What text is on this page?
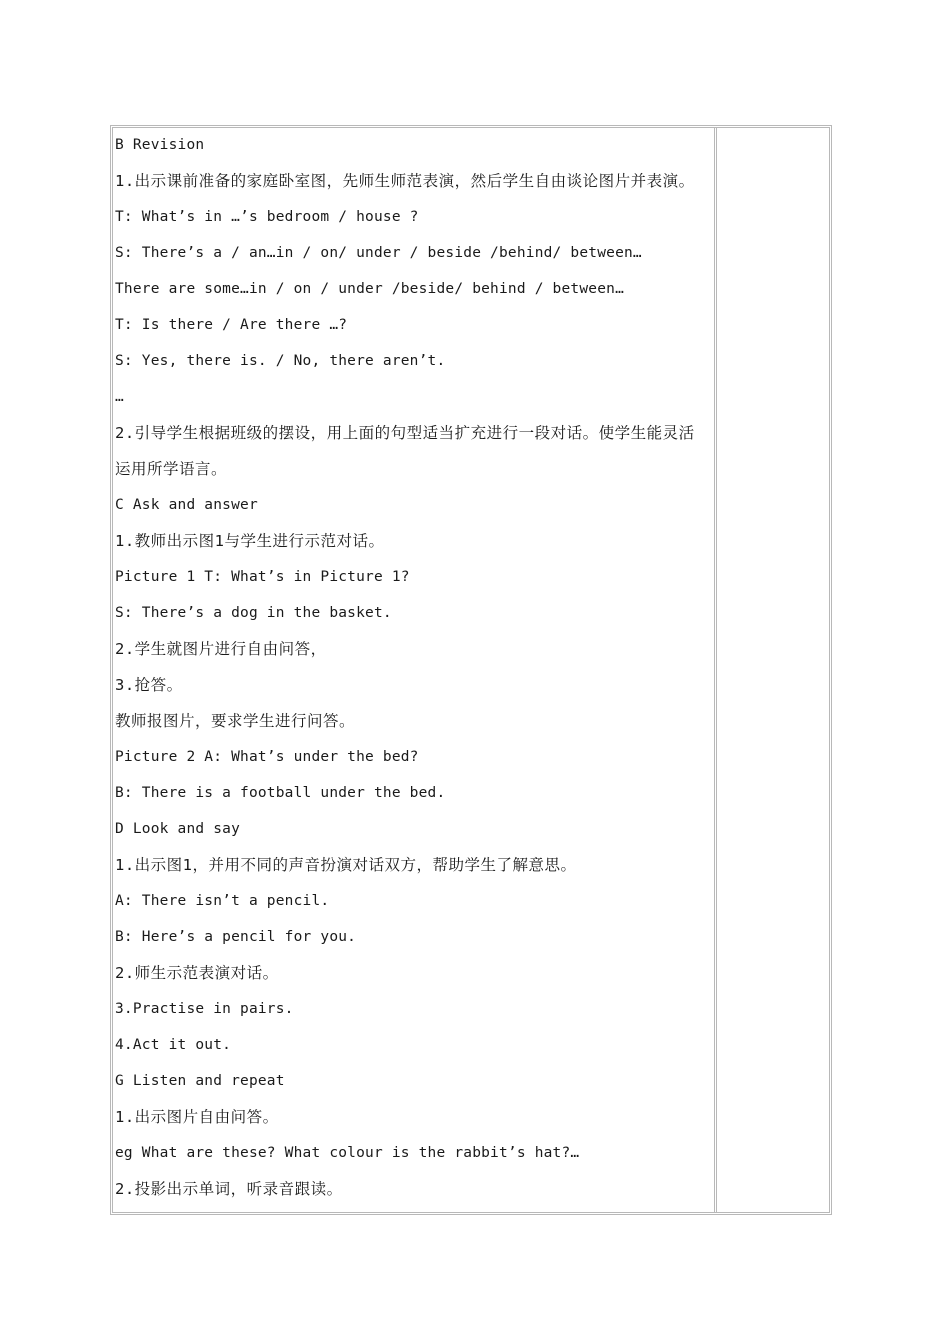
B Revision
1.出示课前准备的家庭卧室图，先师生师范表演，然后学生自由谈论图片并表演。
T: What’s in …’s bedroom / house ?
S: There’s a / an…in / on/ under / beside /behind/ between…
There are some…in / on / under /beside/ behind / between…
T: Is there / Are there …?
S: Yes, there is. / No, there aren’t.
…
2.引导学生根据班级的摆设，用上面的句型适当扩充进行一段对话。使学生能灵活
运用所学语言。
C Ask and answer
1.教师出示图1与学生进行示范对话。
Picture 1 T: What’s in Picture 1?
S: There’s a dog in the basket.
2.学生就图片进行自由问答，
3.抢答。
教师报图片，要求学生进行问答。
Picture 2 A: What’s under the bed?
B: There is a football under the bed.
D Look and say
1.出示图1，并用不同的声音扮演对话双方，帮助学生了解意思。
A: There isn’t a pencil.
B: Here’s a pencil for you.
2.师生示范表演对话。
3.Practise in pairs.
4.Act it out.
G Listen and repeat
1.出示图片自由问答。
eg What are these? What colour is the rabbit’s hat?…
2.投影出示单词，听录音跟读。
